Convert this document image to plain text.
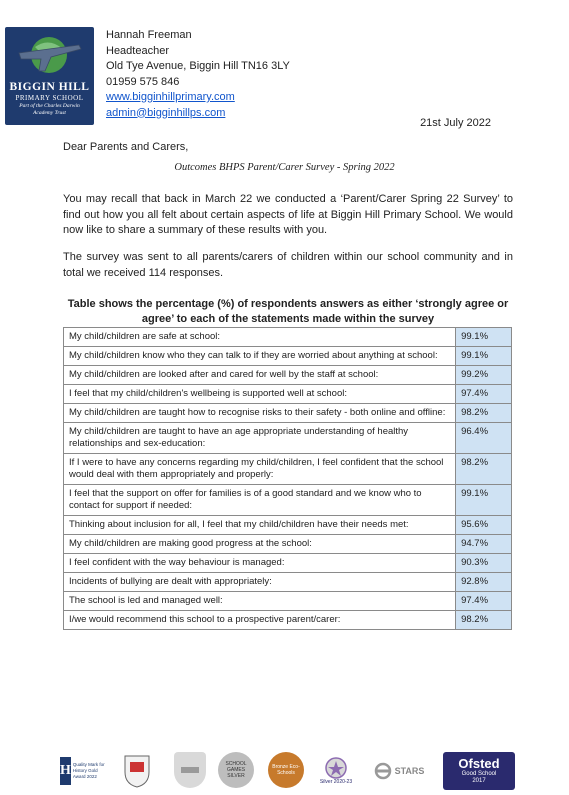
BIGGIN HILL
PRIMARY SCHOOL
Part of the Charles Darwin Academy Trust
Hannah Freeman
Headteacher
Old Tye Avenue, Biggin Hill TN16 3LY
01959 575 846
www.bigginhillprimary.com
admin@bigginhillps.com
21st July 2022
Dear Parents and Carers,
Outcomes BHPS Parent/Carer Survey - Spring 2022
You may recall that back in March 22 we conducted a ‘Parent/Carer Spring 22 Survey’ to find out how you all felt about certain aspects of life at Biggin Hill Primary School. We would now like to share a summary of these results with you.
The survey was sent to all parents/carers of children within our school community and in total we received 114 responses.
Table shows the percentage (%) of respondents answers as either ‘strongly agree or agree’ to each of the statements made within the survey
My child/children are safe at school:	99.1%
My child/children know who they can talk to if they are worried about anything at school:	99.1%
My child/children are looked after and cared for well by the staff at school:	99.2%
I feel that my child/children's wellbeing is supported well at school:	97.4%
My child/children are taught how to recognise risks to their safety - both online and offline:	98.2%
My child/children are taught to have an age appropriate understanding of healthy relationships and sex-education:	96.4%
If I were to have any concerns regarding my child/children, I feel confident that the school would deal with them appropriately and properly:	98.2%
I feel that the support on offer for families is of a good standard and we know who to contact for support if needed:	99.1%
Thinking about inclusion for all, I feel that my child/children have their needs met:	95.6%
My child/children are making good progress at the school:	94.7%
I feel confident with the way behaviour is managed:	90.3%
Incidents of bullying are dealt with appropriately:	92.8%
The school is led and managed well:	97.4%
I/we would recommend this school to a prospective parent/carer:	98.2%
H Quality Mark for History Gold Award 2022
SCHOOL GAMES SILVER
Bronze Eco-Schools
Silver 2020-23
STARS	Ofsted
Good School
2017
